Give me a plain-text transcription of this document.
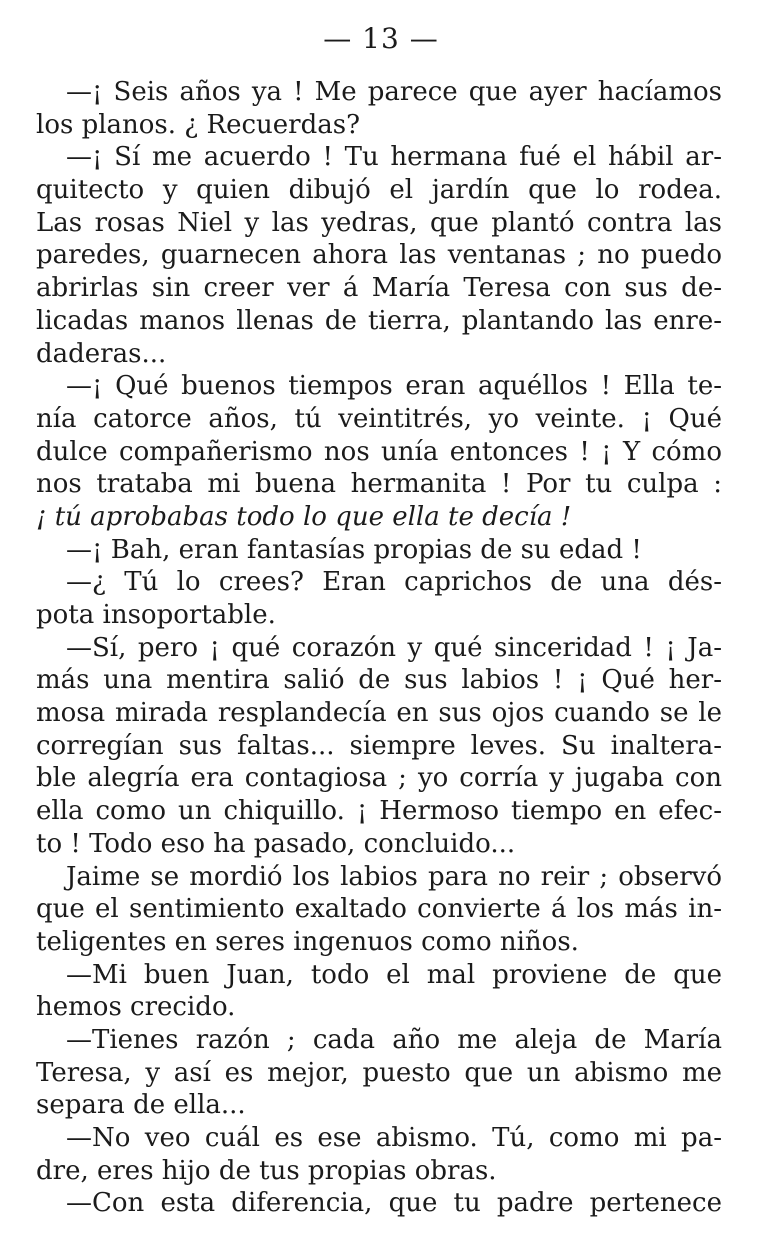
— 13 —
—¡ Seis años ya ! Me parece que ayer hacíamos
los planos. ¿ Recuerdas?
—¡ Sí me acuerdo ! Tu hermana fué el hábil ar-
quitecto y quien dibujó el jardín que lo rodea.
Las rosas Niel y las yedras, que plantó contra las
paredes, guarnecen ahora las ventanas ; no puedo
abrirlas sin creer ver á María Teresa con sus de-
licadas manos llenas de tierra, plantando las enre-
daderas...
—¡ Qué buenos tiempos eran aquéllos ! Ella te-
nía catorce años, tú veintitrés, yo veinte. ¡ Qué
dulce compañerismo nos unía entonces ! ¡ Y cómo
nos trataba mi buena hermanita ! Por tu culpa :
¡ tú aprobabas todo lo que ella te decía !
—¡ Bah, eran fantasías propias de su edad !
—¿ Tú lo crees? Eran caprichos de una dés-
pota insoportable.
—Sí, pero ¡ qué corazón y qué sinceridad ! ¡ Ja-
más una mentira salió de sus labios ! ¡ Qué her-
mosa mirada resplandecía en sus ojos cuando se le
corregían sus faltas... siempre leves. Su inaltera-
ble alegría era contagiosa ; yo corría y jugaba con
ella como un chiquillo. ¡ Hermoso tiempo en efec-
to ! Todo eso ha pasado, concluido...
Jaime se mordió los labios para no reir ; observó
que el sentimiento exaltado convierte á los más in-
teligentes en seres ingenuos como niños.
—Mi buen Juan, todo el mal proviene de que
hemos crecido.
—Tienes razón ; cada año me aleja de María
Teresa, y así es mejor, puesto que un abismo me
separa de ella...
—No veo cuál es ese abismo. Tú, como mi pa-
dre, eres hijo de tus propias obras.
—Con esta diferencia, que tu padre pertenece
